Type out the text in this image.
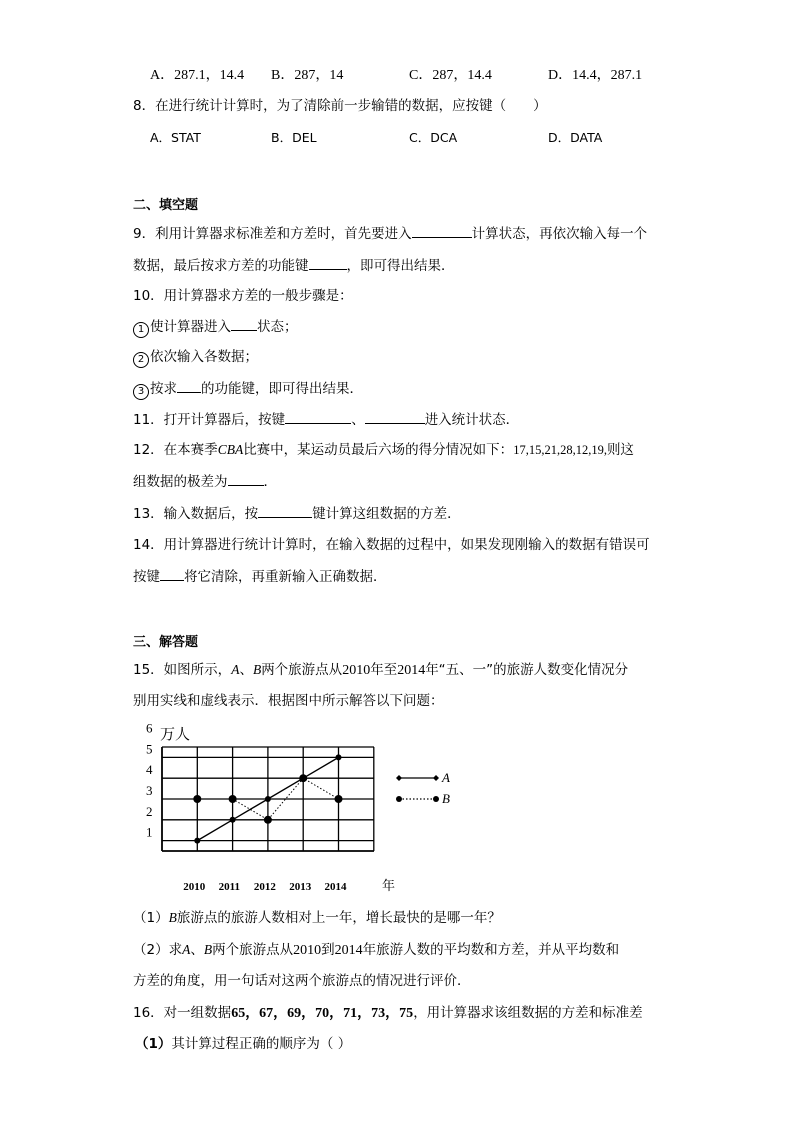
A．287.1，14.4 B．287，14	C．287，14.4	D．14.4，287.1
8．在进行统计计算时，为了清除前一步输错的数据，应按键（　　）
A．STAT	B．DEL	C．DCA	D．DATA
二、填空题
9．利用计算器求标准差和方差时，首先要进入	计算状态，再依次输入每一个
数据，最后按求方差的功能键	，即可得出结果．
10．用计算器求方差的一般步骤是：
1 使计算器进入 状态；
2 依次输入各数据；
3 按求 的功能键，即可得出结果．
11．打开计算器后，按键	、	进入统计状态．
12．在本赛季CBA比赛中，某运动员最后六场的得分情况如下：17,15,21,28,12,19,则这
组数据的极差为	．
13．输入数据后，按	键计算这组数据的方差．
14．用计算器进行统计计算时，在输入数据的过程中，如果发现刚输入的数据有错误可
按键 将它清除，再重新输入正确数据．
三、解答题
15．如图所示，A、B两个旅游点从2010年至2014年“五、一”的旅游人数变化情况分
别用实线和虚线表示．根据图中所示解答以下问题：
1
2
3
4
5
6
2010 2011 2012 2013 2014
A
B
万人
年
（1）B旅游点的旅游人数相对上一年，增长最快的是哪一年？
（2）求A、B两个旅游点从2010到2014年旅游人数的平均数和方差，并从平均数和
方差的角度，用一句话对这两个旅游点的情况进行评价．
16．对一组数据65，67，69，70，71，73，75，用计算器求该组数据的方差和标准差
（1）其计算过程正确的顺序为（ ）
